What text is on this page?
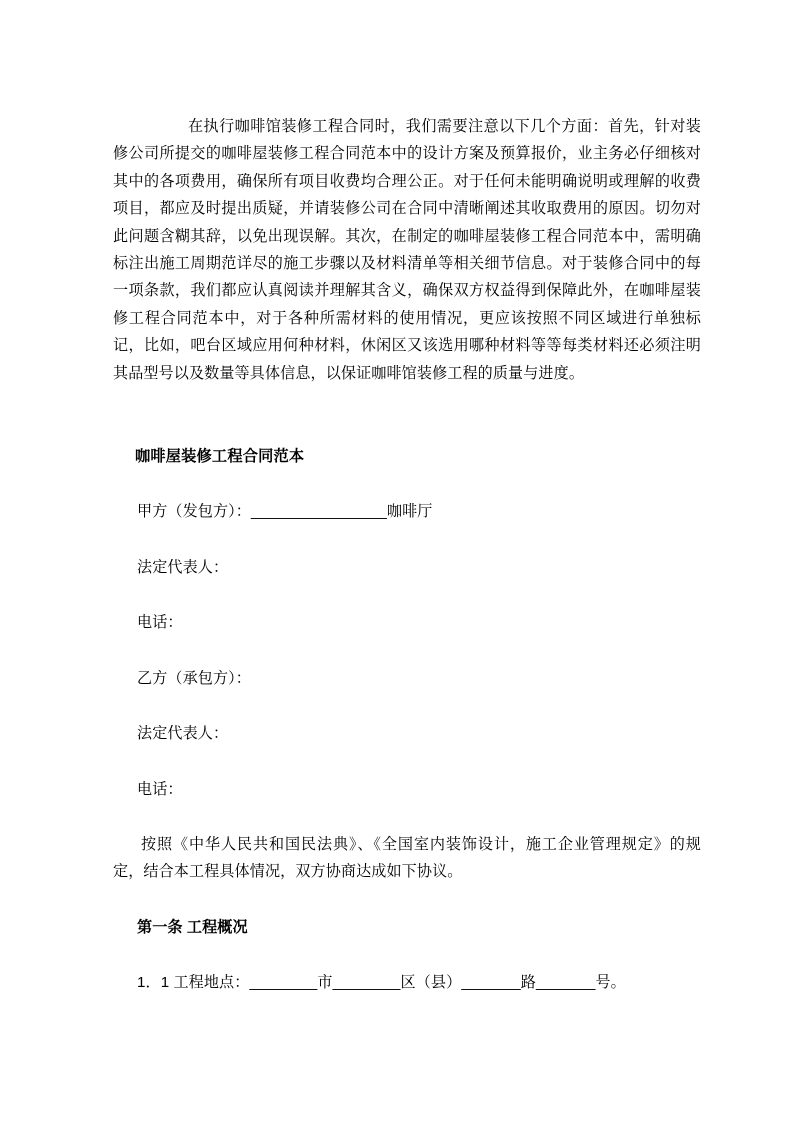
在执行咖啡馆装修工程合同时，我们需要注意以下几个方面：首先，针对装修公司所提交的咖啡屋装修工程合同范本中的设计方案及预算报价，业主务必仔细核对其中的各项费用，确保所有项目收费均合理公正。对于任何未能明确说明或理解的收费项目，都应及时提出质疑，并请装修公司在合同中清晰阐述其收取费用的原因。切勿对此问题含糊其辞，以免出现误解。其次，在制定的咖啡屋装修工程合同范本中，需明确标注出施工周期范详尽的施工步骤以及材料清单等相关细节信息。对于装修合同中的每一项条款，我们都应认真阅读并理解其含义，确保双方权益得到保障此外，在咖啡屋装修工程合同范本中，对于各种所需材料的使用情况，更应该按照不同区域进行单独标记，比如，吧台区域应用何种材料，休闲区又该选用哪种材料等等每类材料还必须注明其品型号以及数量等具体信息，以保证咖啡馆装修工程的质量与进度。

咖啡屋装修工程合同范本

甲方（发包方）：________________咖啡厅

法定代表人：

电话：

乙方（承包方）：

法定代表人：

电话：

按照《中华人民共和国民法典》、《全国室内装饰设计，施工企业管理规定》的规定，结合本工程具体情况，双方协商达成如下协议。

第一条 工程概况

1．1 工程地点：________市________区（县）_______路_______号。
